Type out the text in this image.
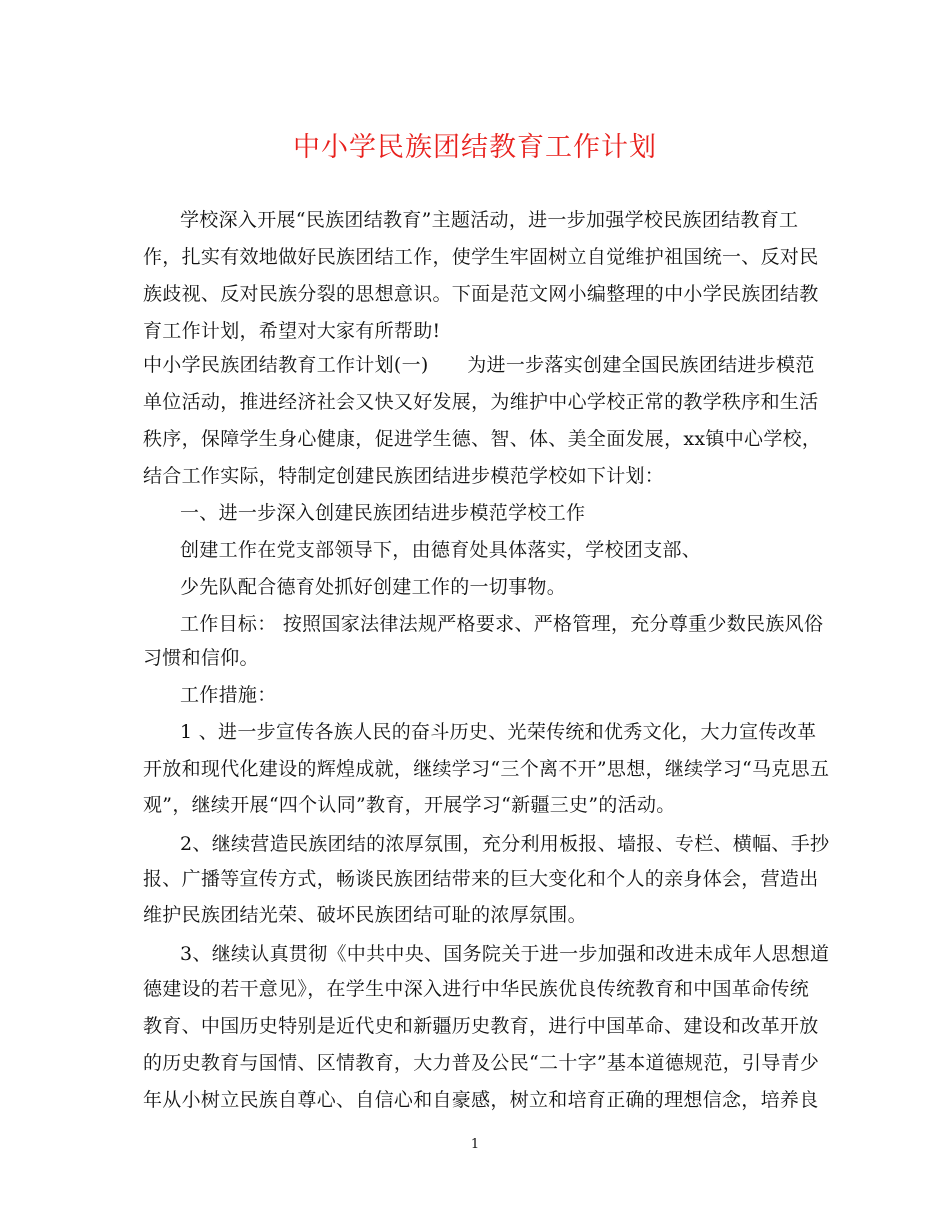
中小学民族团结教育工作计划
学校深入开展“民族团结教育”主题活动，进一步加强学校民族团结教育工
作，扎实有效地做好民族团结工作，使学生牢固树立自觉维护祖国统一、反对民
族歧视、反对民族分裂的思想意识。下面是范文网小编整理的中小学民族团结教
育工作计划，希望对大家有所帮助!
中小学民族团结教育工作计划(一)　　为进一步落实创建全国民族团结进步模范
单位活动，推进经济社会又快又好发展，为维护中心学校正常的教学秩序和生活
秩序，保障学生身心健康，促进学生德、智、体、美全面发展，xx镇中心学校，
结合工作实际，特制定创建民族团结进步模范学校如下计划：
一、进一步深入创建民族团结进步模范学校工作
创建工作在党支部领导下，由德育处具体落实，学校团支部、
少先队配合德育处抓好创建工作的一切事物。
工作目标： 按照国家法律法规严格要求、严格管理，充分尊重少数民族风俗
习惯和信仰。
工作措施：
1 、进一步宣传各族人民的奋斗历史、光荣传统和优秀文化，大力宣传改革
开放和现代化建设的辉煌成就，继续学习“三个离不开”思想，继续学习“马克思五
观”，继续开展“四个认同”教育，开展学习“新疆三史”的活动。
2、继续营造民族团结的浓厚氛围，充分利用板报、墙报、专栏、横幅、手抄
报、广播等宣传方式，畅谈民族团结带来的巨大变化和个人的亲身体会，营造出
维护民族团结光荣、破坏民族团结可耻的浓厚氛围。
3、继续认真贯彻《中共中央、国务院关于进一步加强和改进未成年人思想道
德建设的若干意见》，在学生中深入进行中华民族优良传统教育和中国革命传统
教育、中国历史特别是近代史和新疆历史教育，进行中国革命、建设和改革开放
的历史教育与国情、区情教育，大力普及公民“二十字”基本道德规范，引导青少
年从小树立民族自尊心、自信心和自豪感，树立和培育正确的理想信念，培养良
1
